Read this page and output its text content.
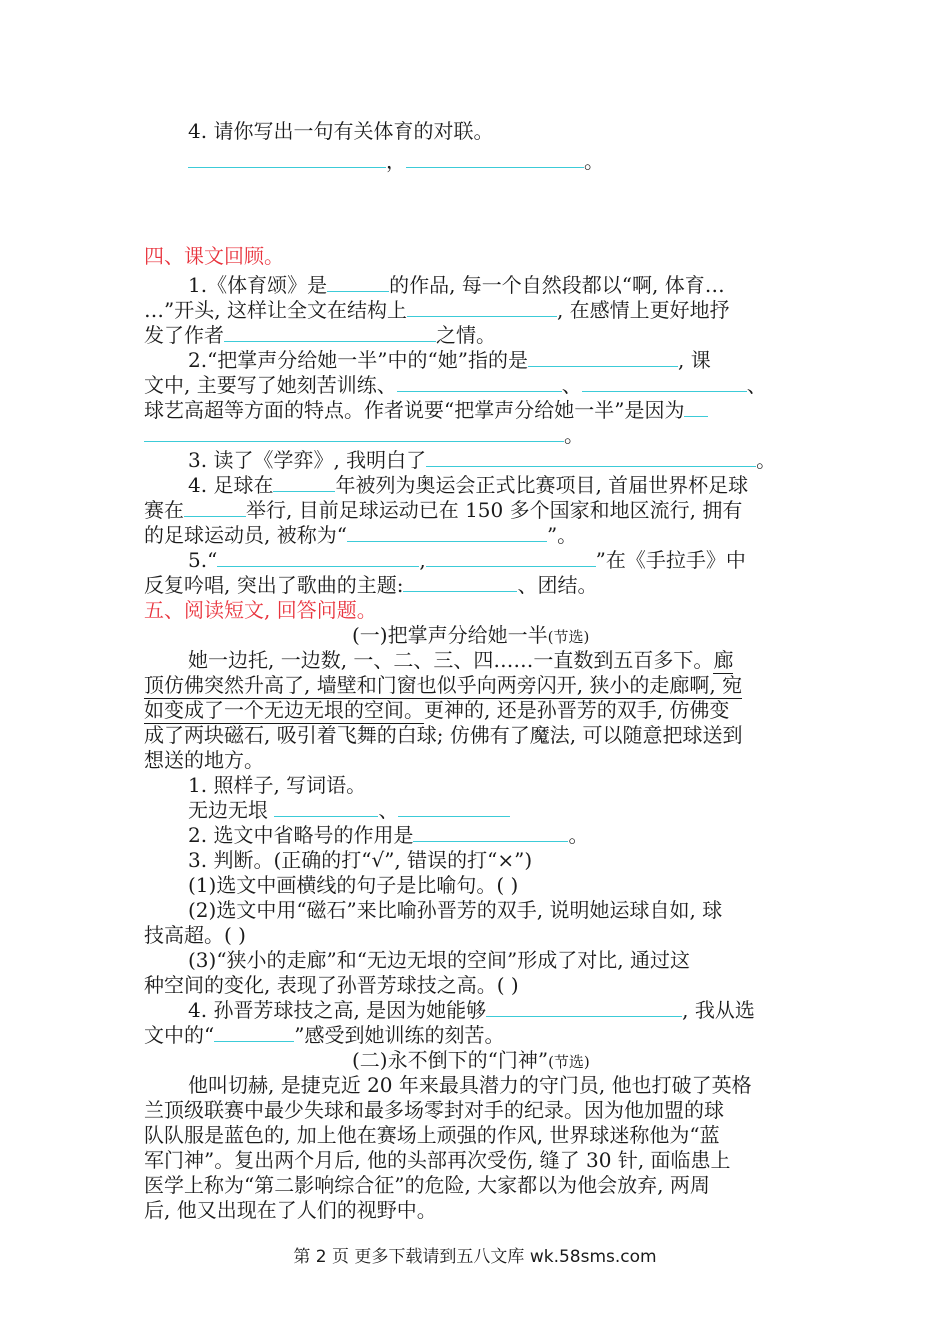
4. 请你写出一句有关体育的对联。
，	。
四、课文回顾。
1.《体育颂》是	的作品, 每一个自然段都以“啊, 体育…
…”开头, 这样让全文在结构上	, 在感情上更好地抒
发了作者	之情。
2.“把掌声分给她一半”中的“她”指的是	, 课
文中, 主要写了她刻苦训练、	、	、
球艺高超等方面的特点。作者说要“把掌声分给她一半”是因为
。
3. 读了《学弈》, 我明白了	。
4. 足球在	年被列为奥运会正式比赛项目, 首届世界杯足球
赛在	举行, 目前足球运动已在 150 多个国家和地区流行, 拥有
的足球运动员, 被称为“	”。
5.“	,	”在《手拉手》中
反复吟唱, 突出了歌曲的主题:	、团结。
五、阅读短文, 回答问题。
(一)把掌声分给她一半(节选)
她一边托, 一边数, 一、二、三、四……一直数到五百多下。廊
顶仿佛突然升高了, 墙壁和门窗也似乎向两旁闪开, 狭小的走廊啊, 宛
如变成了一个无边无垠的空间。更神的, 还是孙晋芳的双手, 仿佛变
成了两块磁石, 吸引着飞舞的白球; 仿佛有了魔法, 可以随意把球送到
想送的地方。
1. 照样子, 写词语。
无边无垠	、
2. 选文中省略号的作用是	。
3. 判断。(正确的打“√”, 错误的打“×”)
(1)选文中画横线的句子是比喻句。( )
(2)选文中用“磁石”来比喻孙晋芳的双手, 说明她运球自如, 球
技高超。( )
(3)“狭小的走廊”和“无边无垠的空间”形成了对比, 通过这
种空间的变化, 表现了孙晋芳球技之高。( )
4. 孙晋芳球技之高, 是因为她能够	, 我从选
文中的“	”感受到她训练的刻苦。
(二)永不倒下的“门神”(节选)
他叫切赫, 是捷克近 20 年来最具潜力的守门员, 他也打破了英格
兰顶级联赛中最少失球和最多场零封对手的纪录。因为他加盟的球
队队服是蓝色的, 加上他在赛场上顽强的作风, 世界球迷称他为“蓝
军门神”。复出两个月后, 他的头部再次受伤, 缝了 30 针, 面临患上
医学上称为“第二影响综合征”的危险, 大家都以为他会放弃, 两周
后, 他又出现在了人们的视野中。
第 2 页 更多下载请到五八文库 wk.58sms.com
